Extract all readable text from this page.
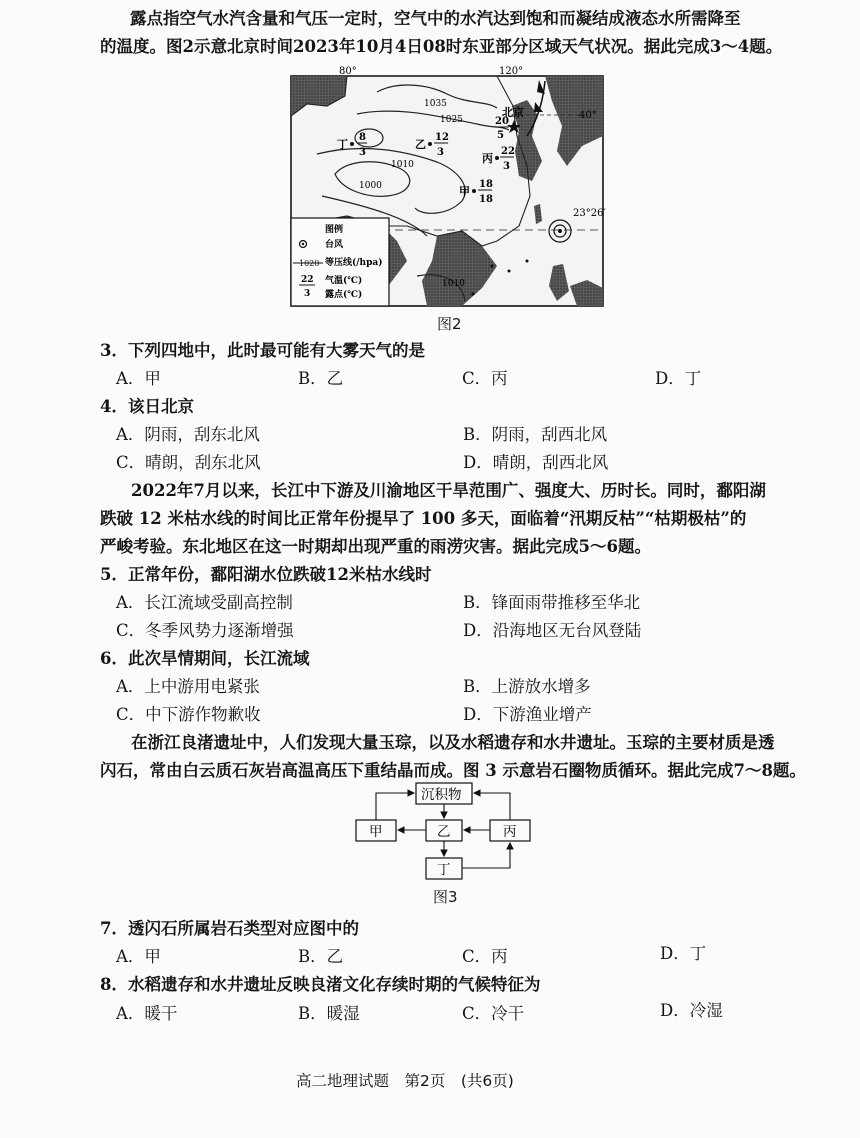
露点指空气水汽含量和气压一定时，空气中的水汽达到饱和而凝结成液态水所需降至
的温度。图2示意北京时间2023年10月4日08时东亚部分区域天气状况。据此完成3～4题。
80°	120°
40°
23°26′
1035
1025
1010
1000
1010
北京
20
5
丁
8
3
乙
12
3	丙
22
3
甲
18
18
图例
台风
1020 等压线(/hpa)
22
3
气温(℃)
露点(℃)
图2
3．下列四地中，此时最可能有大雾天气的是
A．甲	B．乙	C．丙	D．丁
4．该日北京
A．阴雨，刮东北风	B．阴雨，刮西北风
C．晴朗，刮东北风	D．晴朗，刮西北风
2022年7月以来，长江中下游及川渝地区干旱范围广、强度大、历时长。同时，鄱阳湖
跌破 12 米枯水线的时间比正常年份提早了 100 多天，面临着“汛期反枯”“枯期极枯”的
严峻考验。东北地区在这一时期却出现严重的雨涝灾害。据此完成5～6题。
5．正常年份，鄱阳湖水位跌破12米枯水线时
A．长江流域受副高控制	B．锋面雨带推移至华北
C．冬季风势力逐渐增强	D．沿海地区无台风登陆
6．此次旱情期间，长江流域
A．上中游用电紧张	B．上游放水增多
C．中下游作物歉收	D．下游渔业增产
在浙江良渚遗址中，人们发现大量玉琮，以及水稻遗存和水井遗址。玉琮的主要材质是透
闪石，常由白云质石灰岩高温高压下重结晶而成。图 3 示意岩石圈物质循环。据此完成7～8题。
沉积物
甲	乙	丙
丁
图3
7．透闪石所属岩石类型对应图中的
A．甲	B．乙	C．丙	D．丁
8．水稻遗存和水井遗址反映良渚文化存续时期的气候特征为
A．暖干	B．暖湿	C．冷干	D．冷湿
高二地理试题　第2页　(共6页)
